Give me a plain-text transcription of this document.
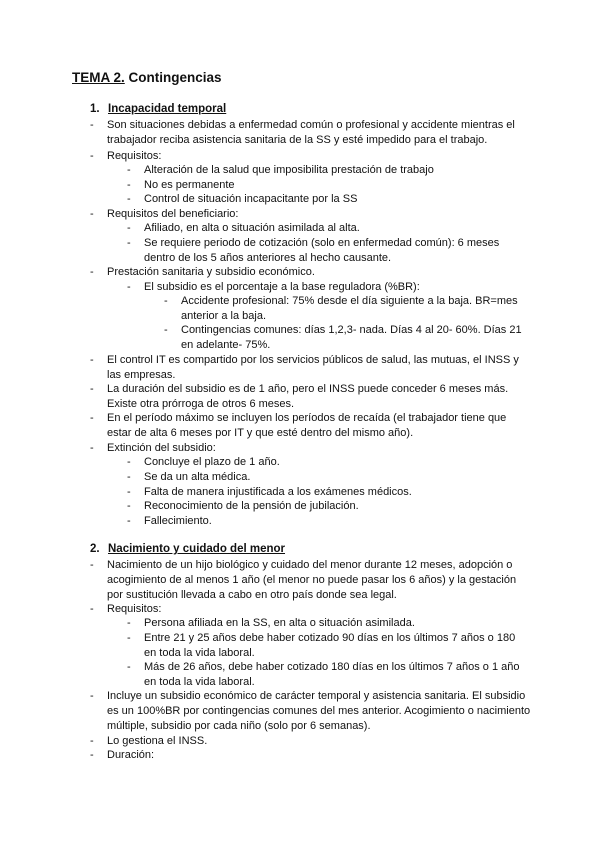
TEMA 2. Contingencias
1. Incapacidad temporal
- Son situaciones debidas a enfermedad común o profesional y accidente mientras el trabajador reciba asistencia sanitaria de la SS y esté impedido para el trabajo.
- Requisitos:
- Alteración de la salud que imposibilita prestación de trabajo
- No es permanente
- Control de situación incapacitante por la SS
- Requisitos del beneficiario:
- Afiliado, en alta o situación asimilada al alta.
- Se requiere periodo de cotización (solo en enfermedad común): 6 meses dentro de los 5 años anteriores al hecho causante.
- Prestación sanitaria y subsidio económico.
- El subsidio es el porcentaje a la base reguladora (%BR):
- Accidente profesional: 75% desde el día siguiente a la baja. BR=mes anterior a la baja.
- Contingencias comunes: días 1,2,3- nada. Días 4 al 20- 60%. Días 21 en adelante- 75%.
- El control IT es compartido por los servicios públicos de salud, las mutuas, el INSS y las empresas.
- La duración del subsidio es de 1 año, pero el INSS puede conceder 6 meses más. Existe otra prórroga de otros 6 meses.
- En el período máximo se incluyen los períodos de recaída (el trabajador tiene que estar de alta 6 meses por IT y que esté dentro del mismo año).
- Extinción del subsidio:
- Concluye el plazo de 1 año.
- Se da un alta médica.
- Falta de manera injustificada a los exámenes médicos.
- Reconocimiento de la pensión de jubilación.
- Fallecimiento.
2. Nacimiento y cuidado del menor
- Nacimiento de un hijo biológico y cuidado del menor durante 12 meses, adopción o acogimiento de al menos 1 año (el menor no puede pasar los 6 años) y la gestación por sustitución llevada a cabo en otro país donde sea legal.
- Requisitos:
- Persona afiliada en la SS, en alta o situación asimilada.
- Entre 21 y 25 años debe haber cotizado 90 días en los últimos 7 años o 180 en toda la vida laboral.
- Más de 26 años, debe haber cotizado 180 días en los últimos 7 años o 1 año en toda la vida laboral.
- Incluye un subsidio económico de carácter temporal y asistencia sanitaria. El subsidio es un 100%BR por contingencias comunes del mes anterior. Acogimiento o nacimiento múltiple, subsidio por cada niño (solo por 6 semanas).
- Lo gestiona el INSS.
- Duración:
